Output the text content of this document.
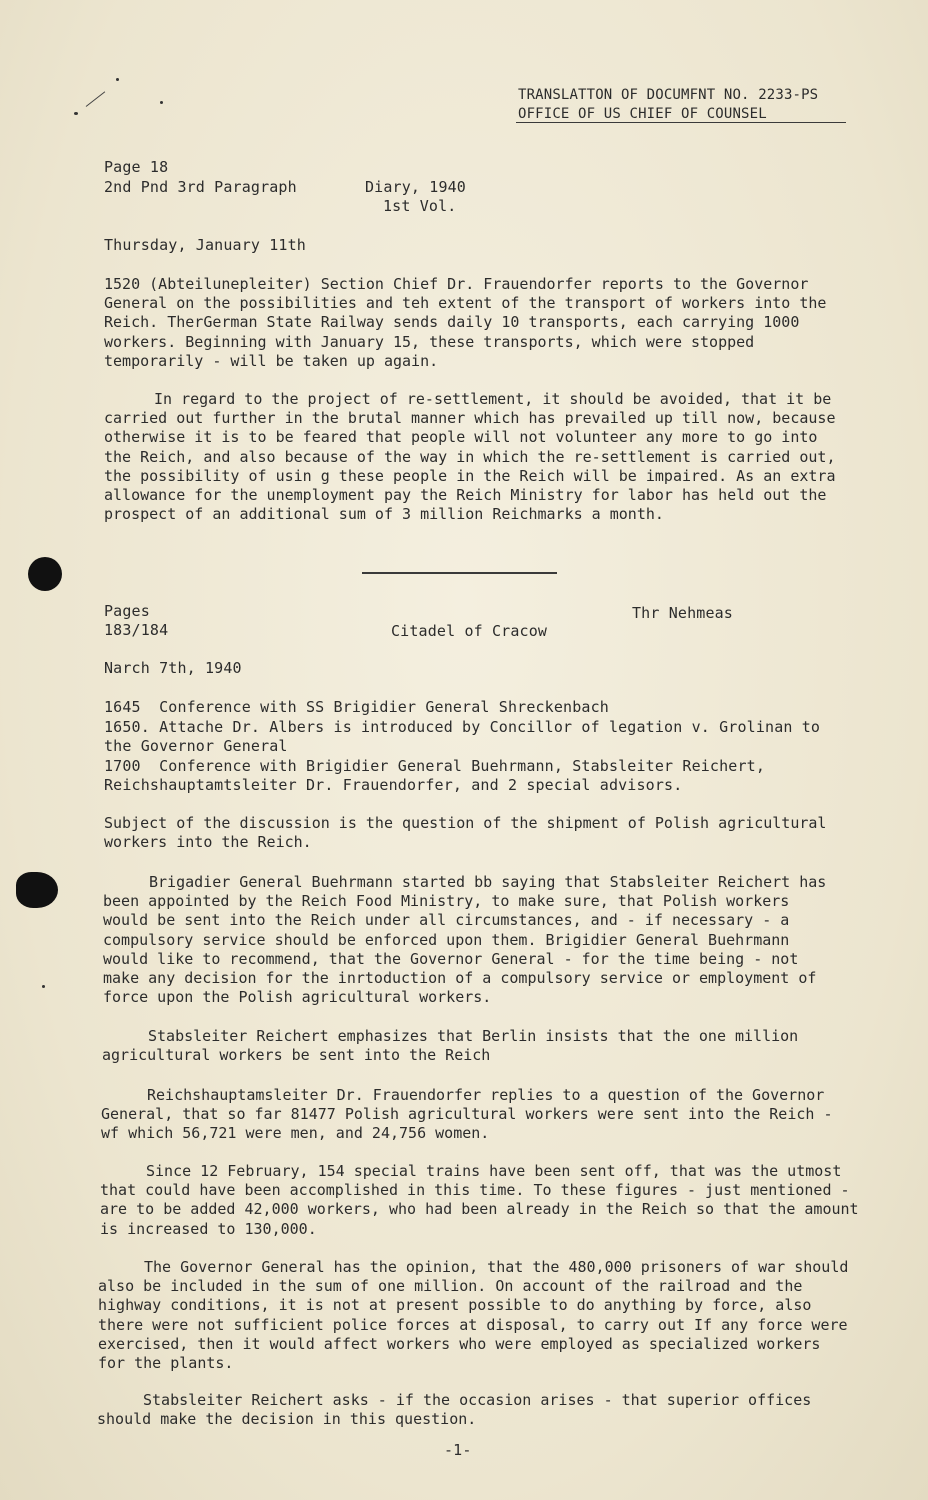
TRANSLATTON OF DOCUMFNT NO. 2233-PS
OFFICE OF US CHIEF OF COUNSEL
Page 18
2nd Pnd 3rd Paragraph	Diary, 1940
1st Vol.
Thursday, January 11th
1520 (Abteilunepleiter) Section Chief Dr. Frauendorfer reports to the Governor General on the possibilities and teh extent of the transport of workers into the Reich. TherGerman State Railway sends daily 10 transports, each carrying 1000 workers. Beginning with January 15, these transports, which were stopped temporarily - will be taken up again.
In regard to the project of re-settlement, it should be avoided, that it be carried out further in the brutal manner which has prevailed up till now, because otherwise it is to be feared that people will not volunteer any more to go into the Reich, and also because of the way in which the re-settlement is carried out, the possibility of usin g these people in the Reich will be impaired. As an extra allowance for the unemployment pay the Reich Ministry for labor has held out the prospect of an additional sum of 3 million Reichmarks a month.
Pages
183/184	Citadel of Cracow
Thr Nehmeas
Narch 7th, 1940
1645  Conference with SS Brigidier General Shreckenbach
1650. Attache Dr. Albers is introduced by Concillor of legation v. Grolinan to
the Governor General
1700  Conference with Brigidier General Buehrmann, Stabsleiter Reichert,
Reichshauptamtsleiter Dr. Frauendorfer, and 2 special advisors.
Subject of the discussion is the question of the shipment of Polish agricultural workers into the Reich.
Brigadier General Buehrmann started bb saying that Stabsleiter Reichert has been appointed by the Reich Food Ministry, to make sure, that Polish workers would be sent into the Reich under all circumstances, and - if necessary - a compulsory service should be enforced upon them. Brigidier General Buehrmann would like to recommend, that the Governor General - for the time being - not make any decision for the inrtoduction of a compulsory service or employment of force upon the Polish agricultural workers.
Stabsleiter Reichert emphasizes that Berlin insists that the one million agricultural workers be sent into the Reich
Reichshauptamsleiter Dr. Frauendorfer replies to a question of the Governor General, that so far 81477 Polish agricultural workers were sent into the Reich - wf which 56,721 were men, and 24,756 women.
Since 12 February, 154 special trains have been sent off, that was the utmost that could have been accomplished in this time. To these figures - just mentioned - are to be added 42,000 workers, who had been already in the Reich so that the amount is increased to 130,000.
The Governor General has the opinion, that the 480,000 prisoners of war should also be included in the sum of one million. On account of the railroad and the highway conditions, it is not at present possible to do anything by force, also there were not sufficient police forces at disposal, to carry out If any force were exercised, then it would affect workers who were employed as specialized workers for the plants.
Stabsleiter Reichert asks - if the occasion arises - that superior offices should make the decision in this question.
-1-
